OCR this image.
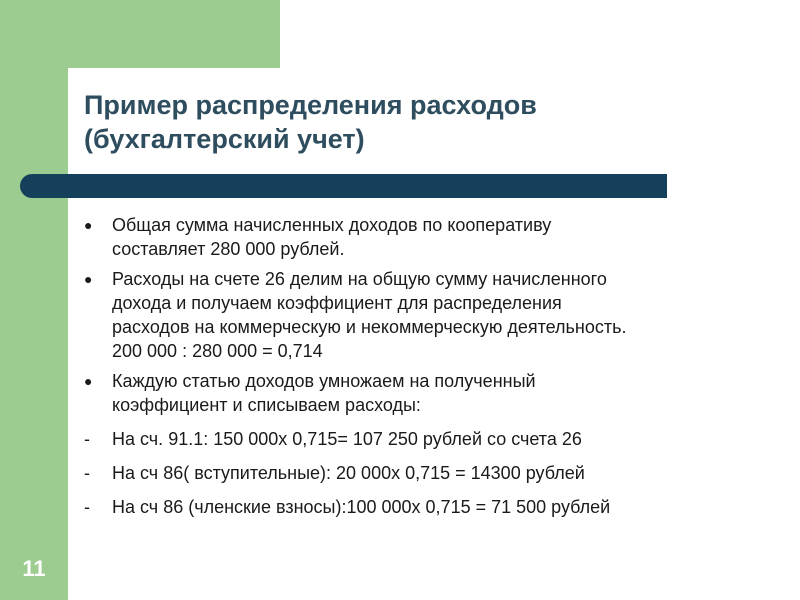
Пример распределения расходов
(бухгалтерский учет)
● Общая сумма начисленных доходов по кооперативу
составляет 280 000 рублей.
● Расходы на счете 26 делим на общую сумму начисленного
дохода и получаем коэффициент для распределения
расходов на коммерческую и некоммерческую деятельность.
200 000 : 280 000 = 0,714
● Каждую статью доходов умножаем на полученный
коэффициент и списываем расходы:
- На сч. 91.1: 150 000х 0,715= 107 250 рублей со счета 26
- На сч 86( вступительные): 20 000х 0,715 = 14300 рублей
- На сч 86 (членские взносы):100 000х 0,715 = 71 500 рублей
11
